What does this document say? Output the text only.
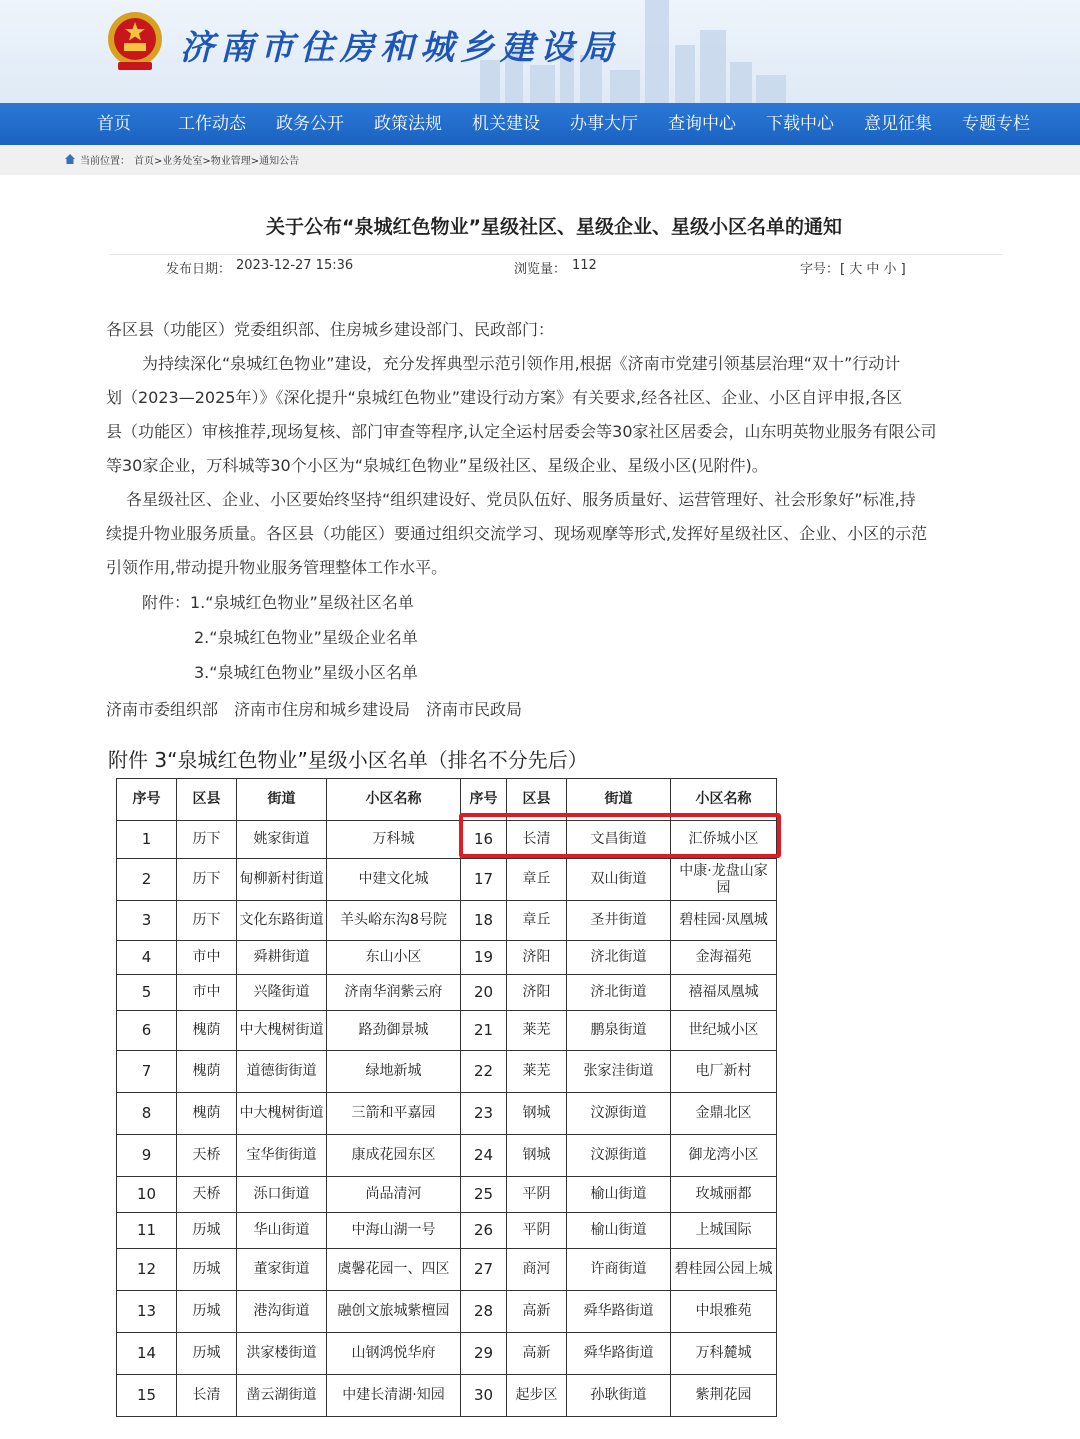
济南市住房和城乡建设局
首页	工作动态	政务公开	政策法规	机关建设	办事大厅	查询中心	下载中心	意见征集	专题专栏
当前位置： 首页>业务处室>物业管理>通知公告
关于公布“泉城红色物业”星级社区、星级企业、星级小区名单的通知
发布日期： 2023-12-27 15:36	浏览量： 112	字号： [ 大 中 小 ]
各区县（功能区）党委组织部、住房城乡建设部门、民政部门：
为持续深化“泉城红色物业”建设，充分发挥典型示范引领作用,根据《济南市党建引领基层治理“双十”行动计
划（2023—2025年）》《深化提升“泉城红色物业”建设行动方案》有关要求,经各社区、企业、小区自评申报,各区
县（功能区）审核推荐,现场复核、部门审查等程序,认定全运村居委会等30家社区居委会，山东明英物业服务有限公司
等30家企业，万科城等30个小区为“泉城红色物业”星级社区、星级企业、星级小区(见附件)。
各星级社区、企业、小区要始终坚持“组织建设好、党员队伍好、服务质量好、运营管理好、社会形象好”标准,持
续提升物业服务质量。各区县（功能区）要通过组织交流学习、现场观摩等形式,发挥好星级社区、企业、小区的示范
引领作用,带动提升物业服务管理整体工作水平。
附件：1.“泉城红色物业”星级社区名单
2.“泉城红色物业”星级企业名单
3.“泉城红色物业”星级小区名单
济南市委组织部　济南市住房和城乡建设局　济南市民政局
附件 3“泉城红色物业”星级小区名单（排名不分先后）
序号	区县	街道	小区名称	序号	区县	街道	小区名称
1	历下	姚家街道	万科城	16	长清	文昌街道	汇侨城小区
2	历下	甸柳新村街道	中建文化城	17	章丘	双山街道	中康·龙盘山家园
3	历下	文化东路街道	羊头峪东沟8号院	18	章丘	圣井街道	碧桂园·凤凰城
4	市中	舜耕街道	东山小区	19	济阳	济北街道	金海福苑
5	市中	兴隆街道	济南华润紫云府	20	济阳	济北街道	禧福凤凰城
6	槐荫	中大槐树街道	路劲御景城	21	莱芜	鹏泉街道	世纪城小区
7	槐荫	道德街街道	绿地新城	22	莱芜	张家洼街道	电厂新村
8	槐荫	中大槐树街道	三箭和平嘉园	23	钢城	汶源街道	金鼎北区
9	天桥	宝华街街道	康成花园东区	24	钢城	汶源街道	御龙湾小区
10	天桥	泺口街道	尚品清河	25	平阴	榆山街道	玫城丽都
11	历城	华山街道	中海山湖一号	26	平阴	榆山街道	上城国际
12	历城	董家街道	虞馨花园一、四区	27	商河	许商街道	碧桂园公园上城
13	历城	港沟街道	融创文旅城紫檀园	28	高新	舜华路街道	中垠雅苑
14	历城	洪家楼街道	山钢鸿悦华府	29	高新	舜华路街道	万科麓城
15	长清	凿云湖街道	中建长清湖·知园	30	起步区	孙耿街道	紫荆花园
